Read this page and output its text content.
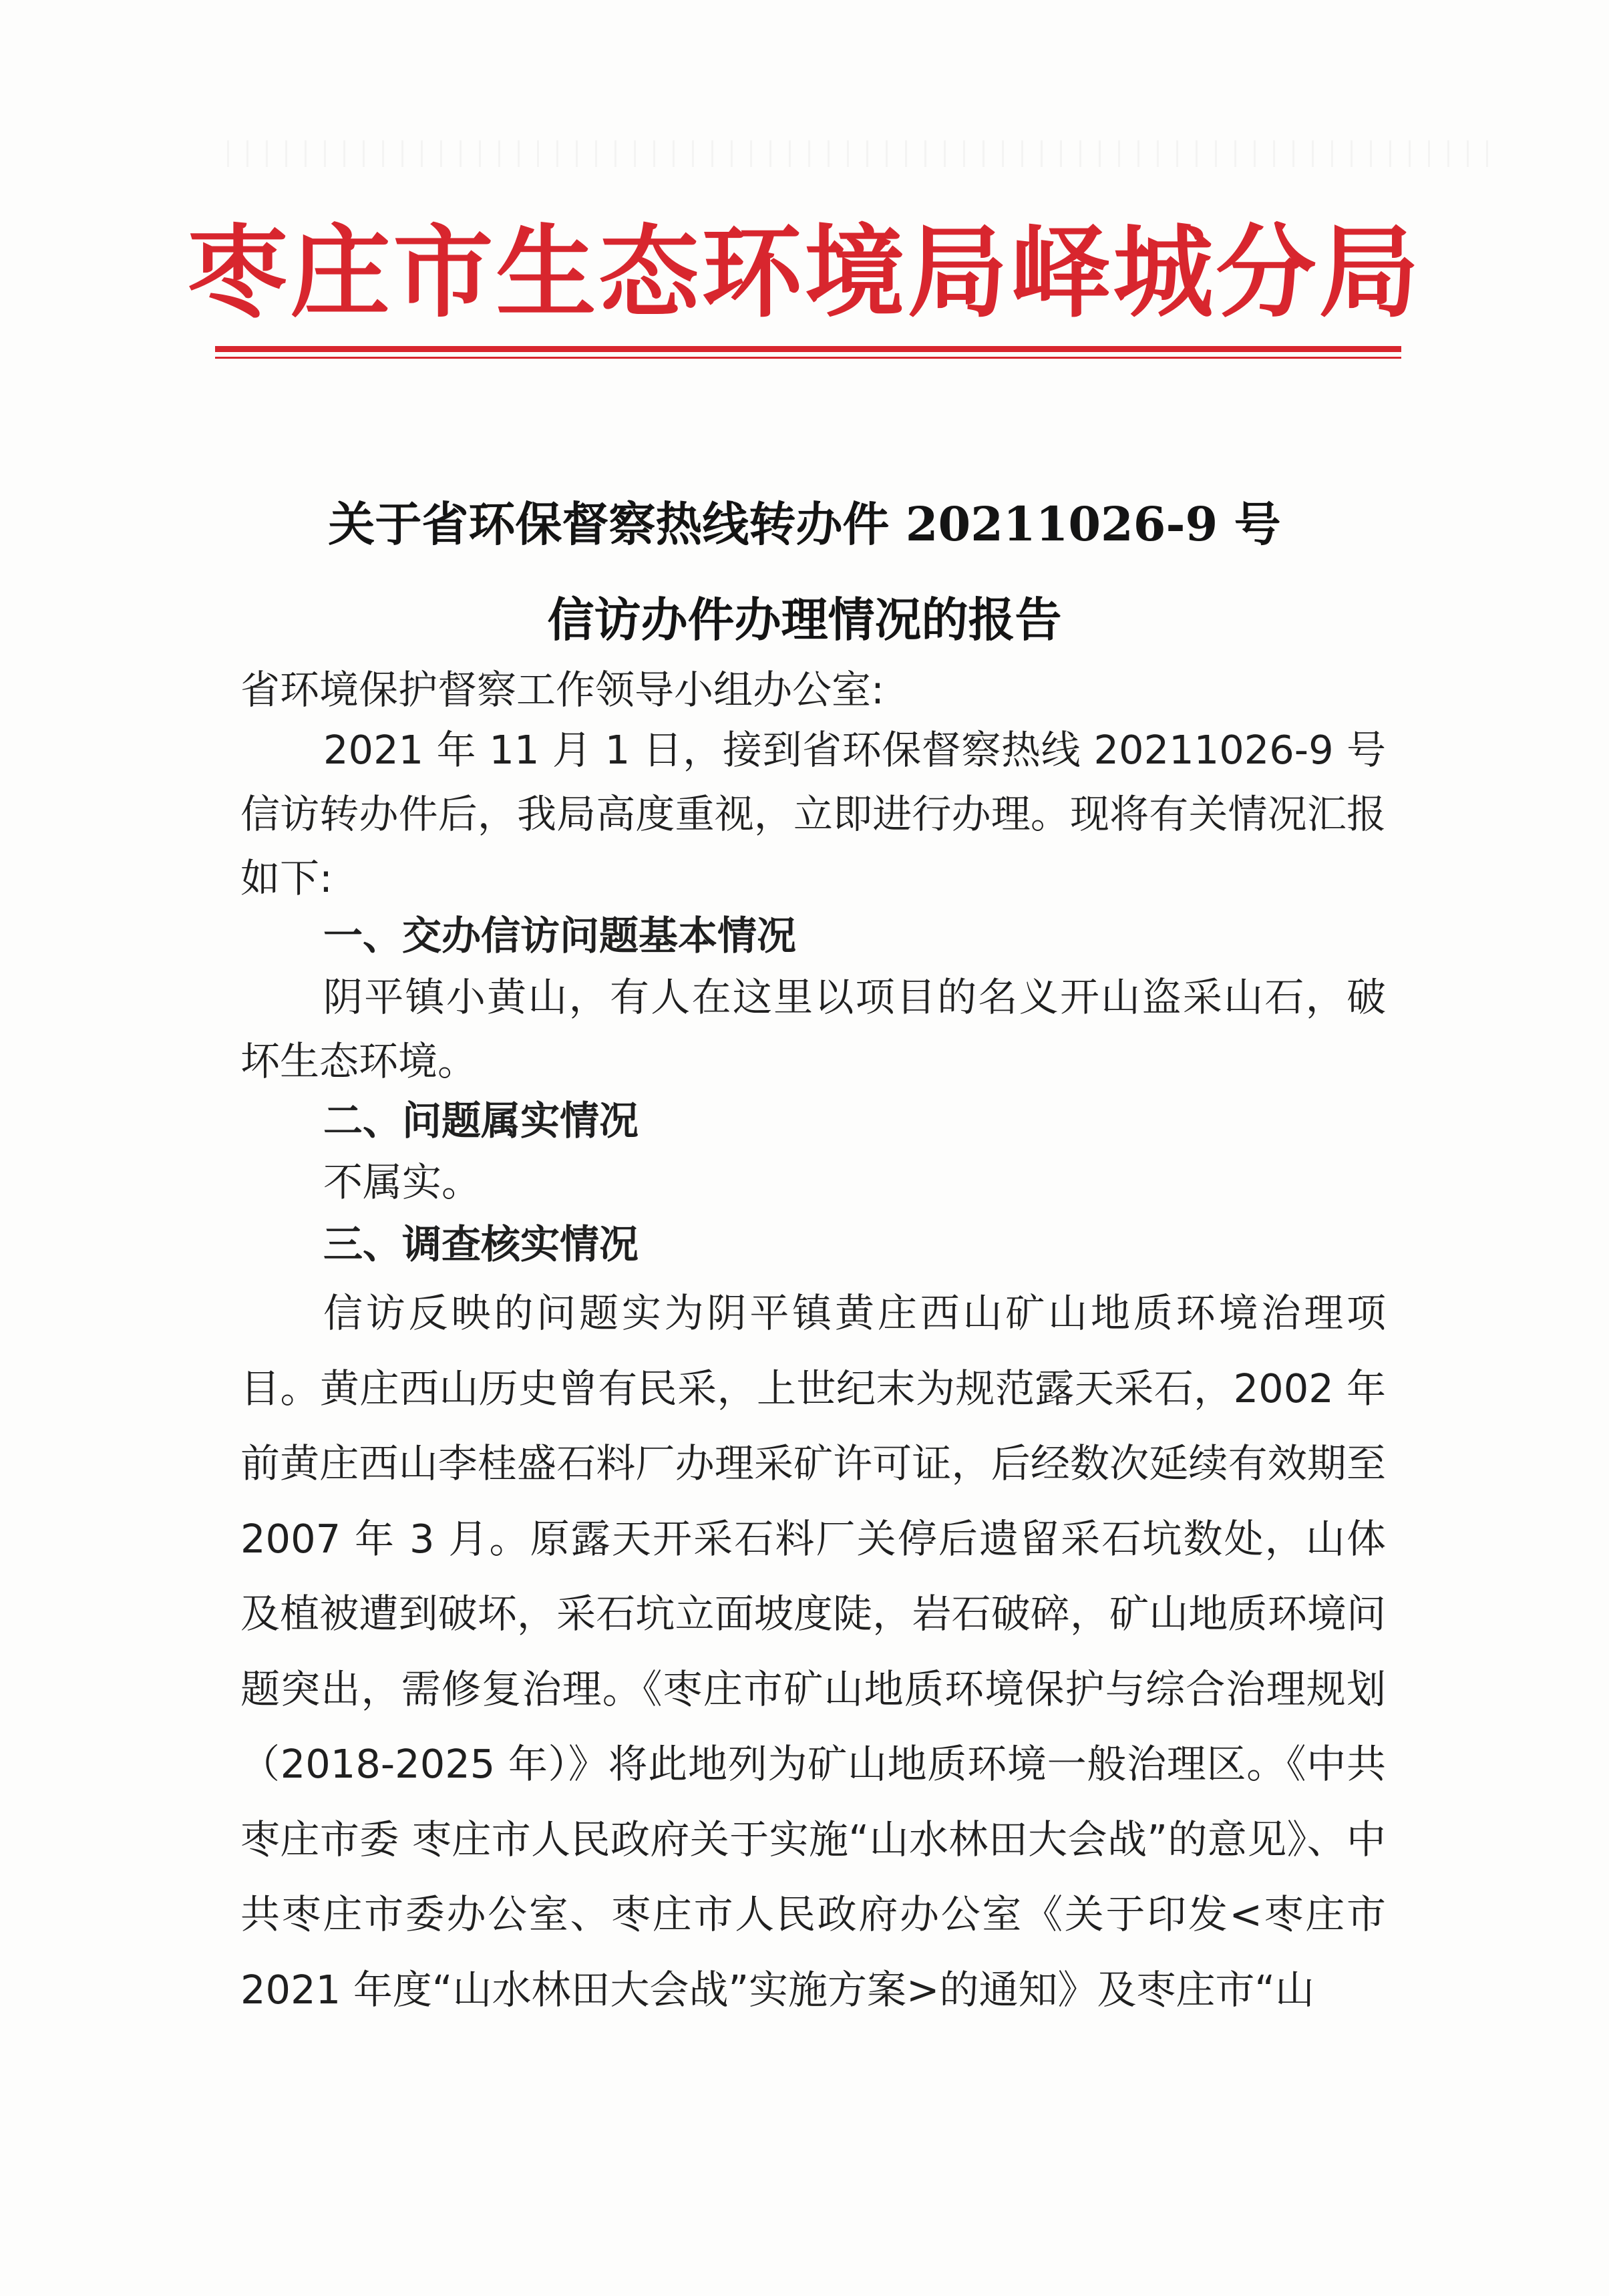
枣庄市生态环境局峄城分局
关于省环保督察热线转办件 20211026-9 号
信访办件办理情况的报告
省环境保护督察工作领导小组办公室:

2021 年 11 月 1 日，接到省环保督察热线 20211026-9 号信访转办件后，我局高度重视，立即进行办理。现将有关情况汇报如下:

一、交办信访问题基本情况

阴平镇小黄山，有人在这里以项目的名义开山盗采山石，破坏生态环境。

二、问题属实情况

不属实。

三、调查核实情况

信访反映的问题实为阴平镇黄庄西山矿山地质环境治理项目。黄庄西山历史曾有民采，上世纪末为规范露天采石，2002 年前黄庄西山李桂盛石料厂办理采矿许可证，后经数次延续有效期至 2007 年 3 月。原露天开采石料厂关停后遗留采石坑数处，山体及植被遭到破坏，采石坑立面坡度陡，岩石破碎，矿山地质环境问题突出，需修复治理。《枣庄市矿山地质环境保护与综合治理规划（2018-2025 年）》将此地列为矿山地质环境一般治理区。《中共枣庄市委 枣庄市人民政府关于实施“山水林田大会战”的意见》、中共枣庄市委办公室、枣庄市人民政府办公室《关于印发<枣庄市 2021 年度“山水林田大会战”实施方案>的通知》及枣庄市“山
